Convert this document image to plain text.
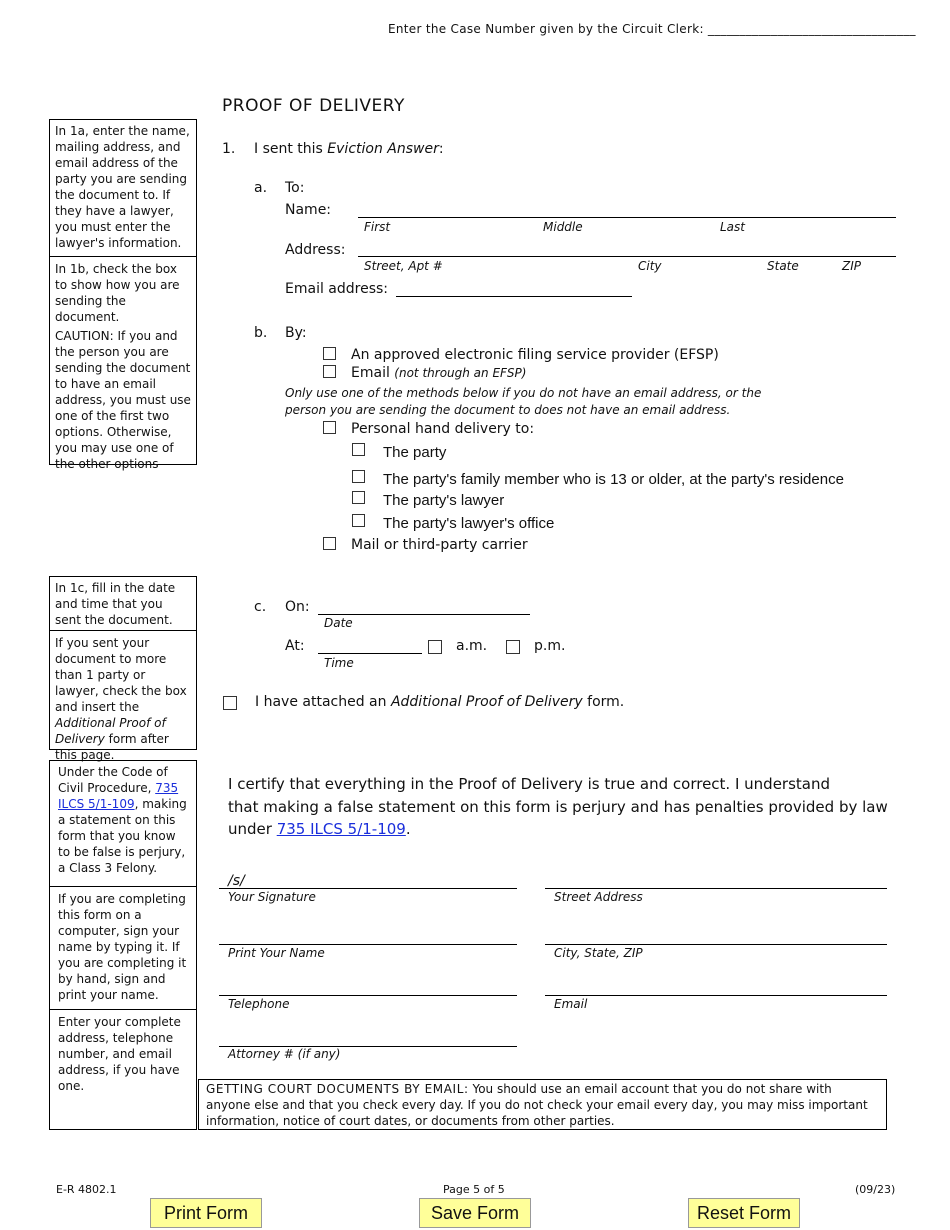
Enter the Case Number given by the Circuit Clerk: _________________________________
PROOF OF DELIVERY
In 1a, enter the name, mailing address, and email address of the party you are sending the document to. If they have a lawyer, you must enter the lawyer's information.
In 1b, check the box to show how you are sending the document.
CAUTION: If you and the person you are sending the document to have an email address, you must use one of the first two options. Otherwise, you may use one of the other options
In 1c, fill in the date and time that you sent the document.
If you sent your document to more than 1 party or lawyer, check the box and insert the Additional Proof of Delivery form after this page.
Under the Code of Civil Procedure, 735 ILCS 5/1-109, making a statement on this form that you know to be false is perjury, a Class 3 Felony.
If you are completing this form on a computer, sign your name by typing it. If you are completing it by hand, sign and print your name.
Enter your complete address, telephone number, and email address, if you have one.
1. I sent this Eviction Answer:
a. To:
Name:
First	Middle	Last
Address:
Street, Apt #	City	State	ZIP
Email address:
b. By:
An approved electronic filing service provider (EFSP)
Email (not through an EFSP)
Only use one of the methods below if you do not have an email address, or the
person you are sending the document to does not have an email address.
Personal hand delivery to:
The party
The party's family member who is 13 or older, at the party's residence
The party's lawyer
The party's lawyer's office
Mail or third-party carrier
c. On:
Date
At:
Time
a.m.	p.m.
I have attached an Additional Proof of Delivery form.
I certify that everything in the Proof of Delivery is true and correct. I understand
that making a false statement on this form is perjury and has penalties provided by law
under 735 ILCS 5/1-109.
/s/
Your Signature	Street Address
Print Your Name	City, State, ZIP
Telephone	Email
Attorney # (if any)
GETTING COURT DOCUMENTS BY EMAIL: You should use an email account that you do not share with anyone else and that you check every day. If you do not check your email every day, you may miss important information, notice of court dates, or documents from other parties.
E-R 4802.1	Page 5 of 5	(09/23)
Print Form	Save Form	Reset Form
